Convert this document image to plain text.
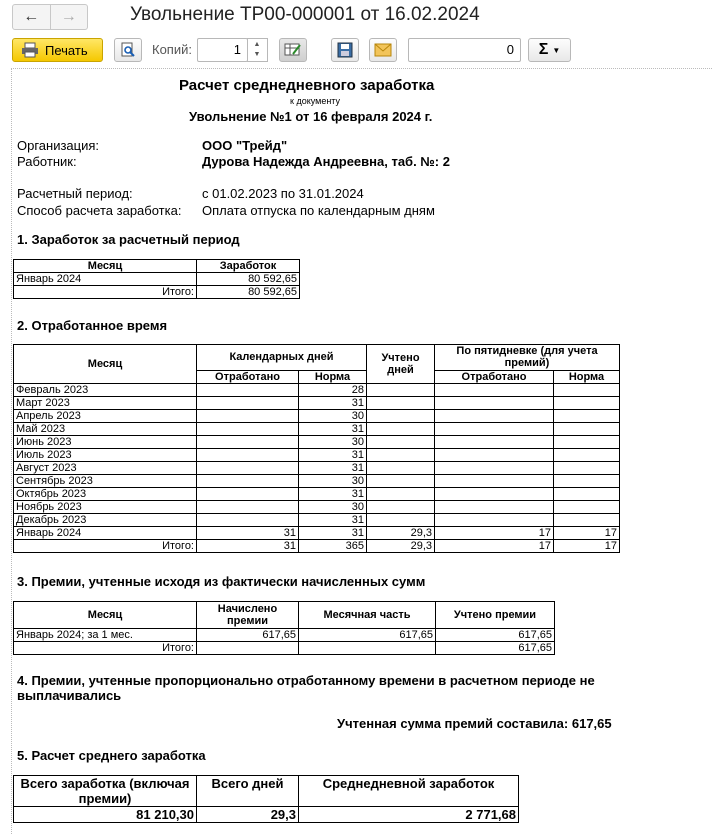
←	→	Увольнение ТР00-000001 от 16.02.2024
Печать	Копий:	1	▲
▼	0	Σ ▼
Расчет среднедневного заработка
к документу
Увольнение №1 от 16 февраля 2024 г.
Организация:	ООО "Трейд"
Работник:	Дурова Надежда Андреевна, таб. №: 2
Расчетный период:	с 01.02.2023 по 31.01.2024
Способ расчета заработка: Оплата отпуска по календарным дням
1. Заработок за расчетный период
Месяц	Заработок
Январь 2024	80 592,65
Итого:	80 592,65
2. Отработанное время
Месяц	Календарных дней		Учтено дней	По пятидневке (для учета премий)	
	Отработано	Норма		Отработано	Норма
Февраль 2023		28			
Март 2023		31			
Апрель 2023		30			
Май 2023		31			
Июнь 2023		30			
Июль 2023		31			
Август 2023		31			
Сентябрь 2023		30			
Октябрь 2023		31			
Ноябрь 2023		30			
Декабрь 2023		31			
Январь 2024	31	31	29,3	17	17
Итого:	31	365	29,3	17	17
3. Премии, учтенные исходя из фактически начисленных сумм
Месяц	Начислено премии	Месячная часть	Учтено премии
Январь 2024; за 1 мес.	617,65	617,65	617,65
Итого:			617,65
4. Премии, учтенные пропорционально отработанному времени в расчетном периоде не выплачивались
Учтенная сумма премий составила: 617,65
5. Расчет среднего заработка
Всего заработка (включая премии)	Всего дней	Среднедневной заработок
81 210,30	29,3	2 771,68
